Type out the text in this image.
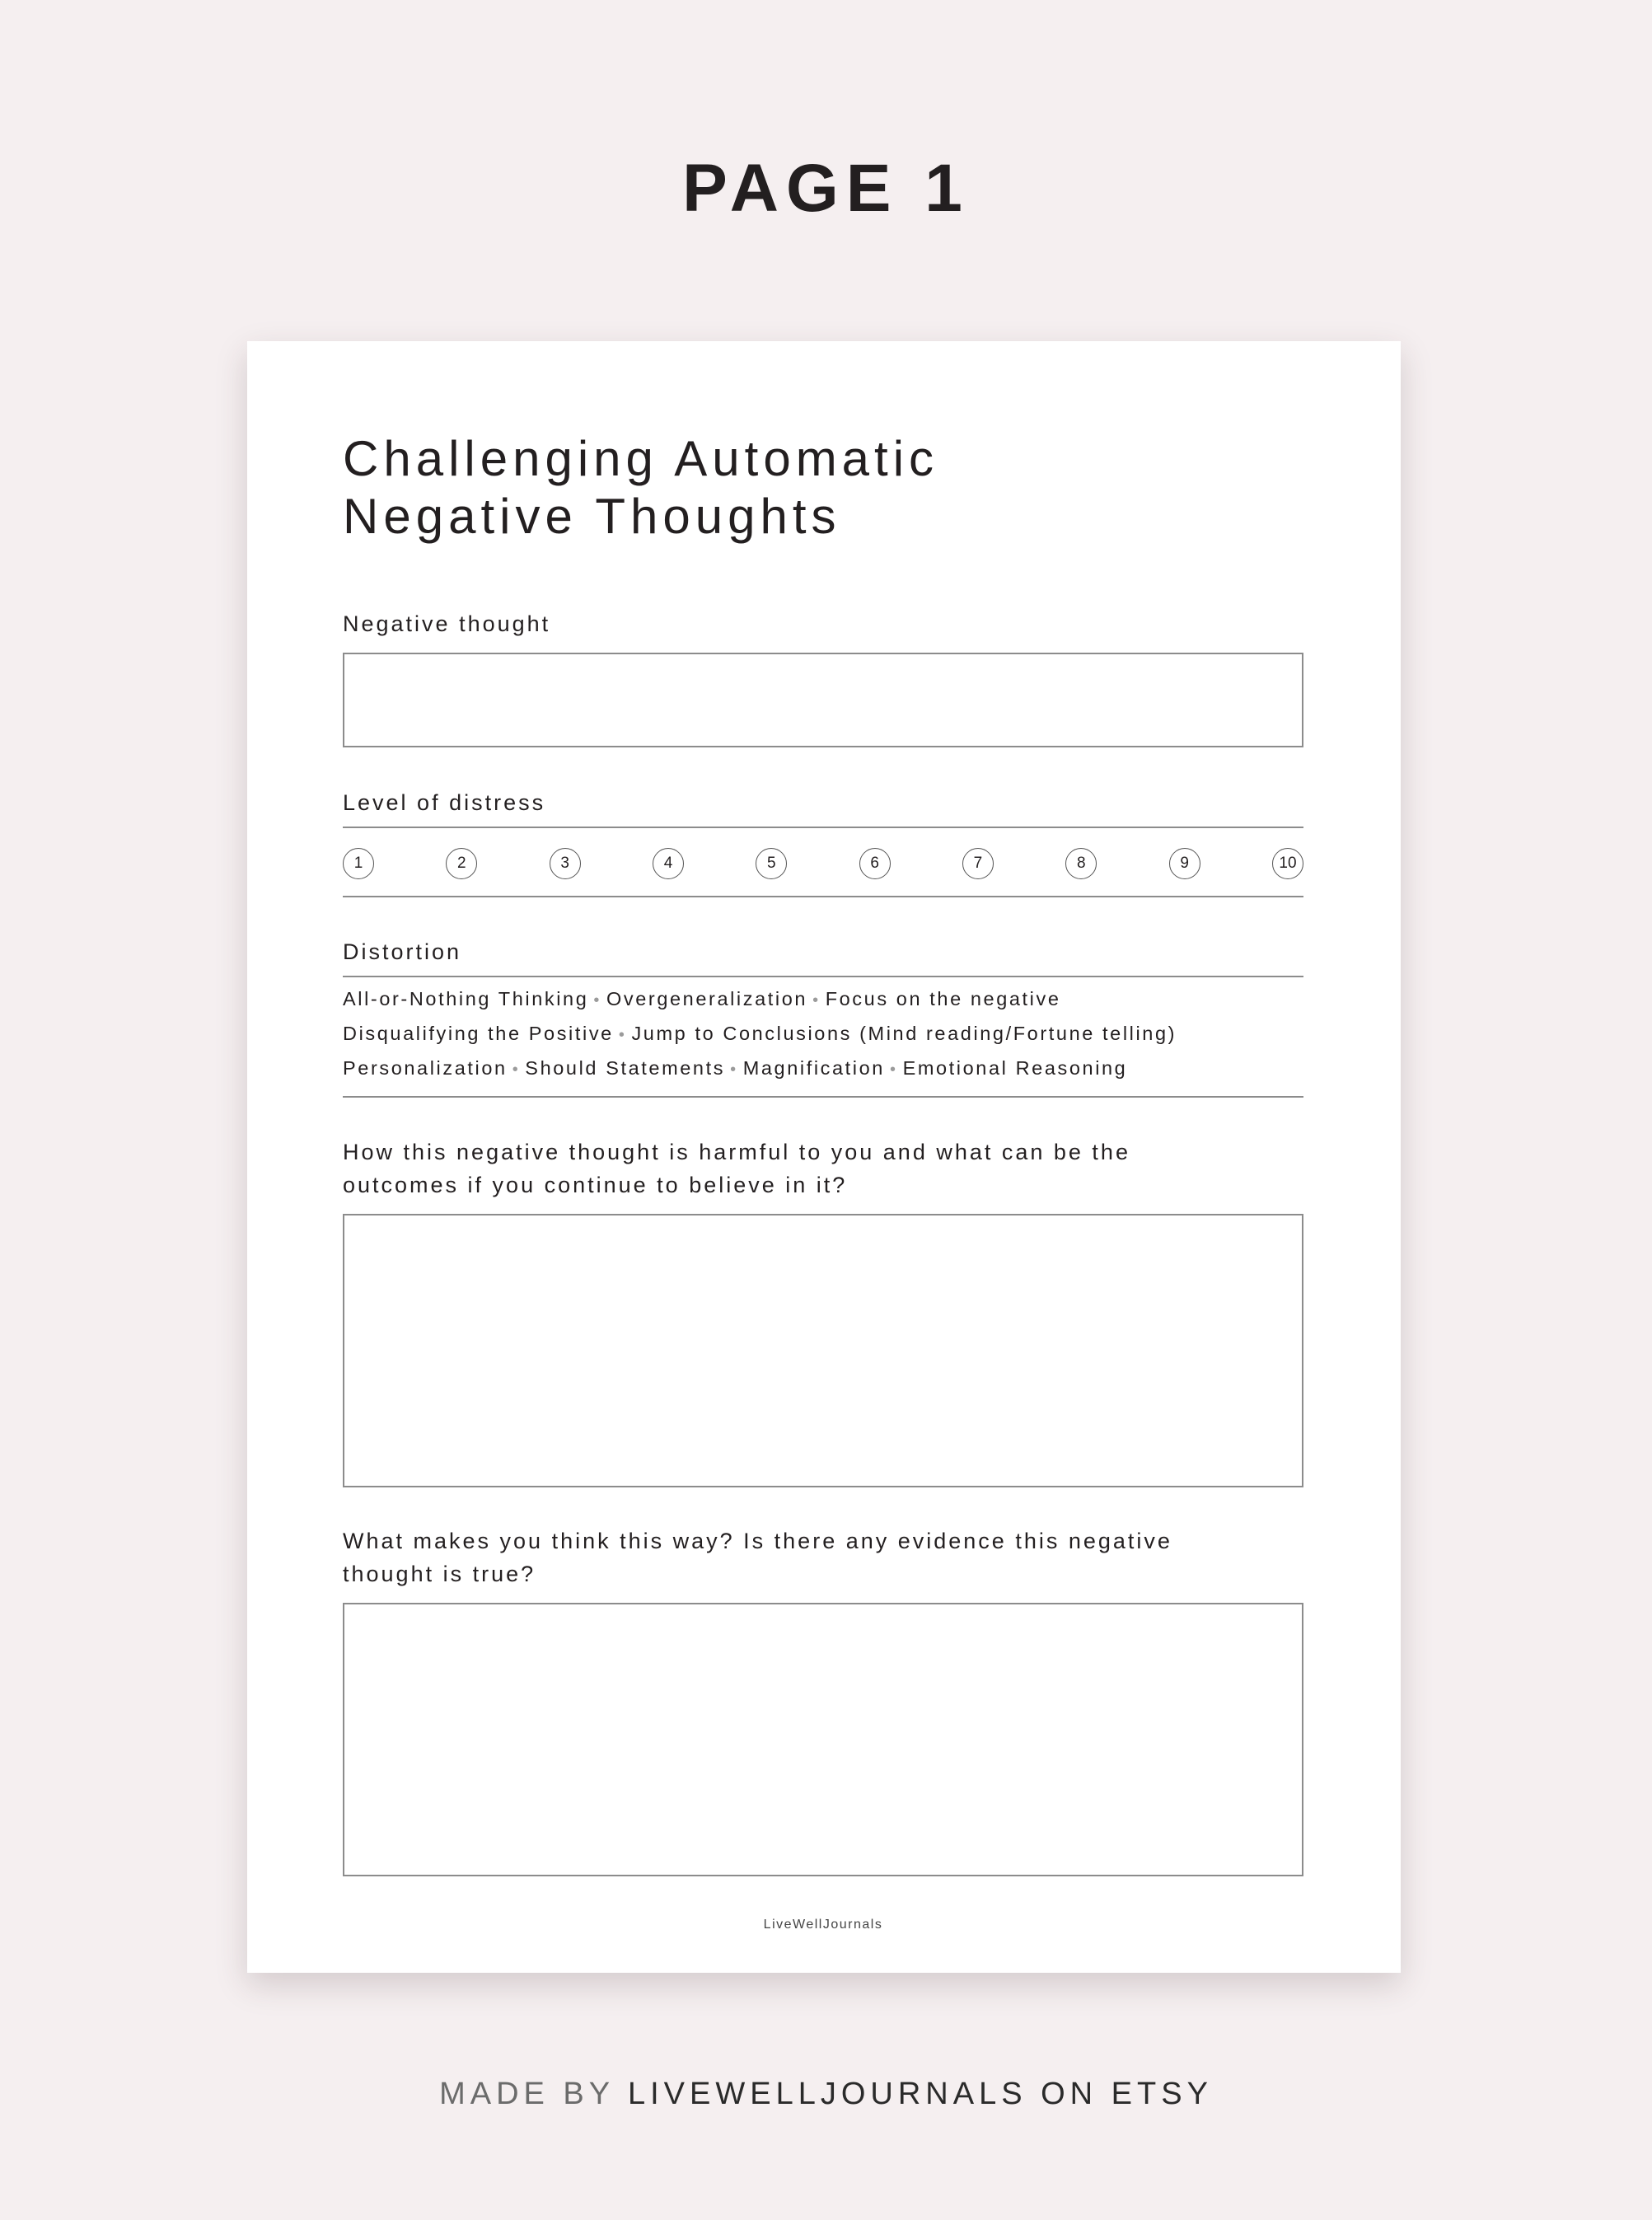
PAGE 1
Challenging Automatic
Negative Thoughts
Negative thought
Level of distress
1	2	3	4	5	6	7	8	9	10
Distortion
All-or-Nothing Thinking • Overgeneralization • Focus on the negative
Disqualifying the Positive • Jump to Conclusions (Mind reading/Fortune telling)
Personalization • Should Statements • Magnification • Emotional Reasoning
How this negative thought is harmful to you and what can be the
outcomes if you continue to believe in it?
What makes you think this way? Is there any evidence this negative
thought is true?
LiveWellJournals
MADE BY LIVEWELLJOURNALS ON ETSY
